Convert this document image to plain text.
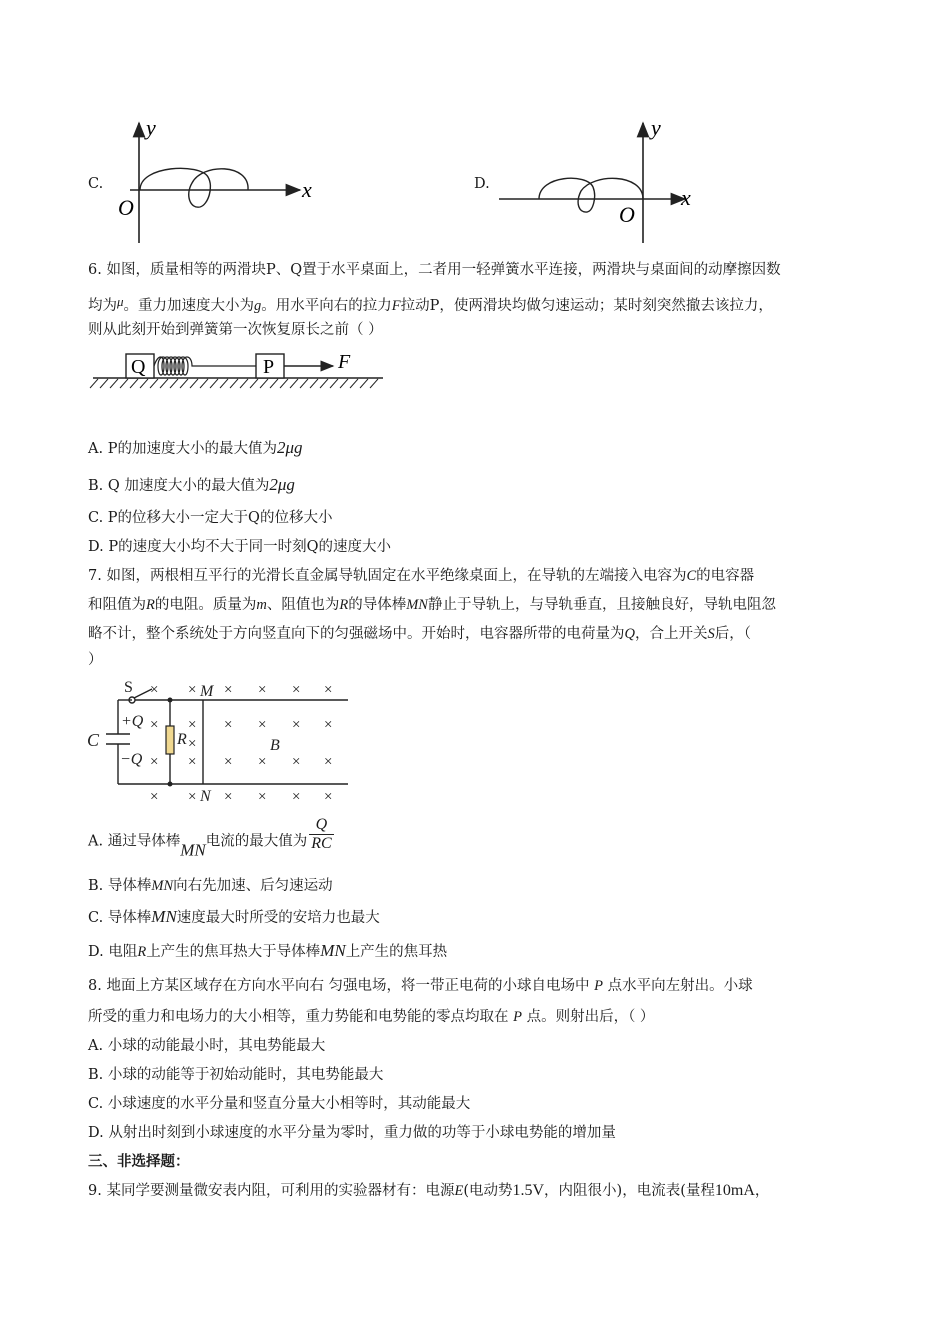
C.
y
x
O
D.
y
x
O
6. 如图，质量相等的两滑块P、Q置于水平桌面上，二者用一轻弹簧水平连接，两滑块与桌面间的动摩擦因数
均为μ。重力加速度大小为g。用水平向右的拉力F拉动P，使两滑块均做匀速运动；某时刻突然撤去该拉力，
则从此刻开始到弹簧第一次恢复原长之前（ ）
Q	P	F
A. P的加速度大小的最大值为2μg
B. Q 加速度大小的最大值为2μg
C. P的位移大小一定大于Q的位移大小
D. P的速度大小均不大于同一时刻Q的速度大小
7. 如图，两根相互平行的光滑长直金属导轨固定在水平绝缘桌面上，在导轨的左端接入电容为C的电容器
和阻值为R的电阻。质量为m、阻值也为R的导体棒MN静止于导轨上，与导轨垂直，且接触良好，导轨电阻忽
略不计，整个系统处于方向竖直向下的匀强磁场中。开始时，电容器所带的电荷量为Q，合上开关S后，（
）
× × × × × ×
× × × × × ×
×
× × × × × ×
× × × × × ×
S	M
N
C	R	B
+Q
−Q
A. 通过导体棒MN电流的最大值为 $\frac{Q}{RC}$
B. 导体棒MN向右先加速、后匀速运动
C. 导体棒MN速度最大时所受的安培力也最大
D. 电阻R上产生的焦耳热大于导体棒MN上产生的焦耳热
8. 地面上方某区域存在方向水平向右 匀强电场，将一带正电荷的小球自电场中 P 点水平向左射出。小球
所受的重力和电场力的大小相等，重力势能和电势能的零点均取在 P 点。则射出后，（ ）
A. 小球的动能最小时，其电势能最大
B. 小球的动能等于初始动能时，其电势能最大
C. 小球速度的水平分量和竖直分量大小相等时，其动能最大
D. 从射出时刻到小球速度的水平分量为零时，重力做的功等于小球电势能的增加量
三、非选择题：
9. 某同学要测量微安表内阻，可利用的实验器材有：电源E(电动势1.5V，内阻很小)，电流表(量程10mA，
